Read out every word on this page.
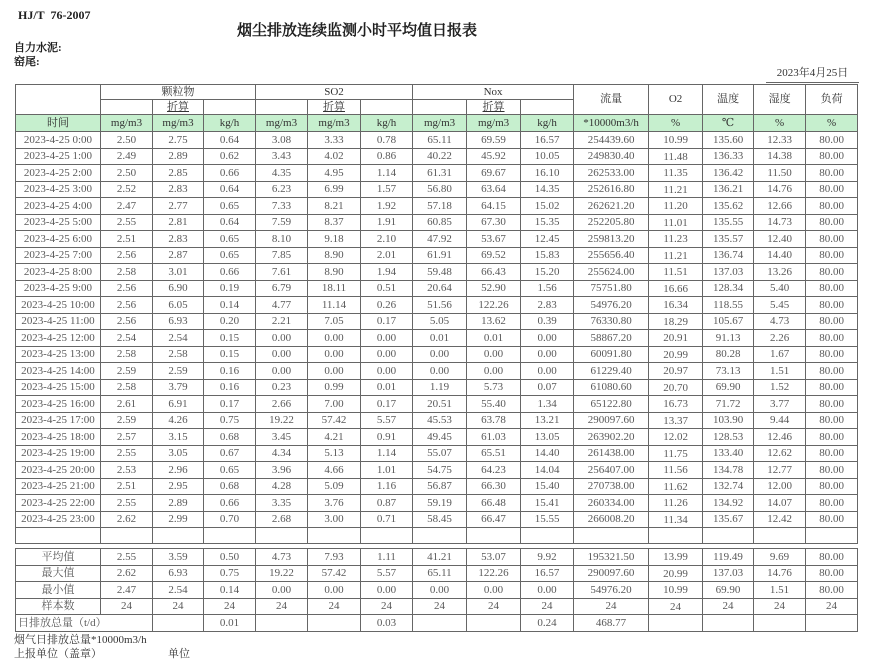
HJ/T  76-2007
烟尘排放连续监测小时平均值日报表
自力水泥:
窑尾:
2023年4月25日
	颗粒物			SO2			Nox			流量	O2	温度	湿度	负荷
		折算			折算			折算						
时间	mg/m3	mg/m3	kg/h	mg/m3	mg/m3	kg/h	mg/m3	mg/m3	kg/h	*10000m3/h	%	℃	%	%
2023-4-25 0:00	2.50	2.75	0.64	3.08	3.33	0.78	65.11	69.59	16.57	254439.60	10.99	135.60	12.33	80.00
2023-4-25 1:00	2.49	2.89	0.62	3.43	4.02	0.86	40.22	45.92	10.05	249830.40	11.48	136.33	14.38	80.00
2023-4-25 2:00	2.50	2.85	0.66	4.35	4.95	1.14	61.31	69.67	16.10	262533.00	11.35	136.42	11.50	80.00
2023-4-25 3:00	2.52	2.83	0.64	6.23	6.99	1.57	56.80	63.64	14.35	252616.80	11.21	136.21	14.76	80.00
2023-4-25 4:00	2.47	2.77	0.65	7.33	8.21	1.92	57.18	64.15	15.02	262621.20	11.20	135.62	12.66	80.00
2023-4-25 5:00	2.55	2.81	0.64	7.59	8.37	1.91	60.85	67.30	15.35	252205.80	11.01	135.55	14.73	80.00
2023-4-25 6:00	2.51	2.83	0.65	8.10	9.18	2.10	47.92	53.67	12.45	259813.20	11.23	135.57	12.40	80.00
2023-4-25 7:00	2.56	2.87	0.65	7.85	8.90	2.01	61.91	69.52	15.83	255656.40	11.21	136.74	14.40	80.00
2023-4-25 8:00	2.58	3.01	0.66	7.61	8.90	1.94	59.48	66.43	15.20	255624.00	11.51	137.03	13.26	80.00
2023-4-25 9:00	2.56	6.90	0.19	6.79	18.11	0.51	20.64	52.90	1.56	75751.80	16.66	128.34	5.40	80.00
2023-4-25 10:00	2.56	6.05	0.14	4.77	11.14	0.26	51.56	122.26	2.83	54976.20	16.34	118.55	5.45	80.00
2023-4-25 11:00	2.56	6.93	0.20	2.21	7.05	0.17	5.05	13.62	0.39	76330.80	18.29	105.67	4.73	80.00
2023-4-25 12:00	2.54	2.54	0.15	0.00	0.00	0.00	0.01	0.01	0.00	58867.20	20.91	91.13	2.26	80.00
2023-4-25 13:00	2.58	2.58	0.15	0.00	0.00	0.00	0.00	0.00	0.00	60091.80	20.99	80.28	1.67	80.00
2023-4-25 14:00	2.59	2.59	0.16	0.00	0.00	0.00	0.00	0.00	0.00	61229.40	20.97	73.13	1.51	80.00
2023-4-25 15:00	2.58	3.79	0.16	0.23	0.99	0.01	1.19	5.73	0.07	61080.60	20.70	69.90	1.52	80.00
2023-4-25 16:00	2.61	6.91	0.17	2.66	7.00	0.17	20.51	55.40	1.34	65122.80	16.73	71.72	3.77	80.00
2023-4-25 17:00	2.59	4.26	0.75	19.22	57.42	5.57	45.53	63.78	13.21	290097.60	13.37	103.90	9.44	80.00
2023-4-25 18:00	2.57	3.15	0.68	3.45	4.21	0.91	49.45	61.03	13.05	263902.20	12.02	128.53	12.46	80.00
2023-4-25 19:00	2.55	3.05	0.67	4.34	5.13	1.14	55.07	65.51	14.40	261438.00	11.75	133.40	12.62	80.00
2023-4-25 20:00	2.53	2.96	0.65	3.96	4.66	1.01	54.75	64.23	14.04	256407.00	11.56	134.78	12.77	80.00
2023-4-25 21:00	2.51	2.95	0.68	4.28	5.09	1.16	56.87	66.30	15.40	270738.00	11.62	132.74	12.00	80.00
2023-4-25 22:00	2.55	2.89	0.66	3.35	3.76	0.87	59.19	66.48	15.41	260334.00	11.26	134.92	14.07	80.00
2023-4-25 23:00	2.62	2.99	0.70	2.68	3.00	0.71	58.45	66.47	15.55	266008.20	11.34	135.67	12.42	80.00

平均值	2.55	3.59	0.50	4.73	7.93	1.11	41.21	53.07	9.92	195321.50	13.99	119.49	9.69	80.00
最大值	2.62	6.93	0.75	19.22	57.42	5.57	65.11	122.26	16.57	290097.60	20.99	137.03	14.76	80.00
最小值	2.47	2.54	0.14	0.00	0.00	0.00	0.00	0.00	0.00	54976.20	10.99	69.90	1.51	80.00
样本数	24	24	24	24	24	24	24	24	24	24	24	24	24	24
日排放总量（t/d）			0.01			0.03			0.24	468.77				
烟气日排放总量*10000m3/h
上报单位（盖章）	单位
